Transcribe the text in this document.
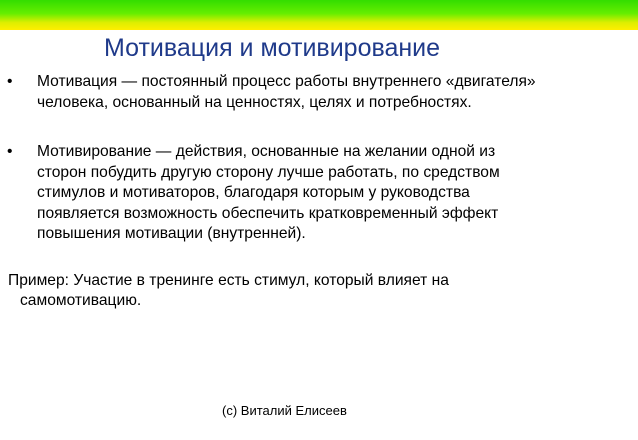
Мотивация и мотивирование
• Мотивация — постоянный процесс работы внутреннего «двигателя»
человека, основанный на ценностях, целях и потребностях.
• Мотивирование — действия, основанные на желании одной из
сторон побудить другую сторону лучше работать, по средством
стимулов и мотиваторов, благодаря которым у руководства
появляется возможность обеспечить кратковременный эффект
повышения мотивации (внутренней).
Пример: Участие в тренинге есть стимул, который влияет на
самомотивацию.
(c) Виталий Елисеев
